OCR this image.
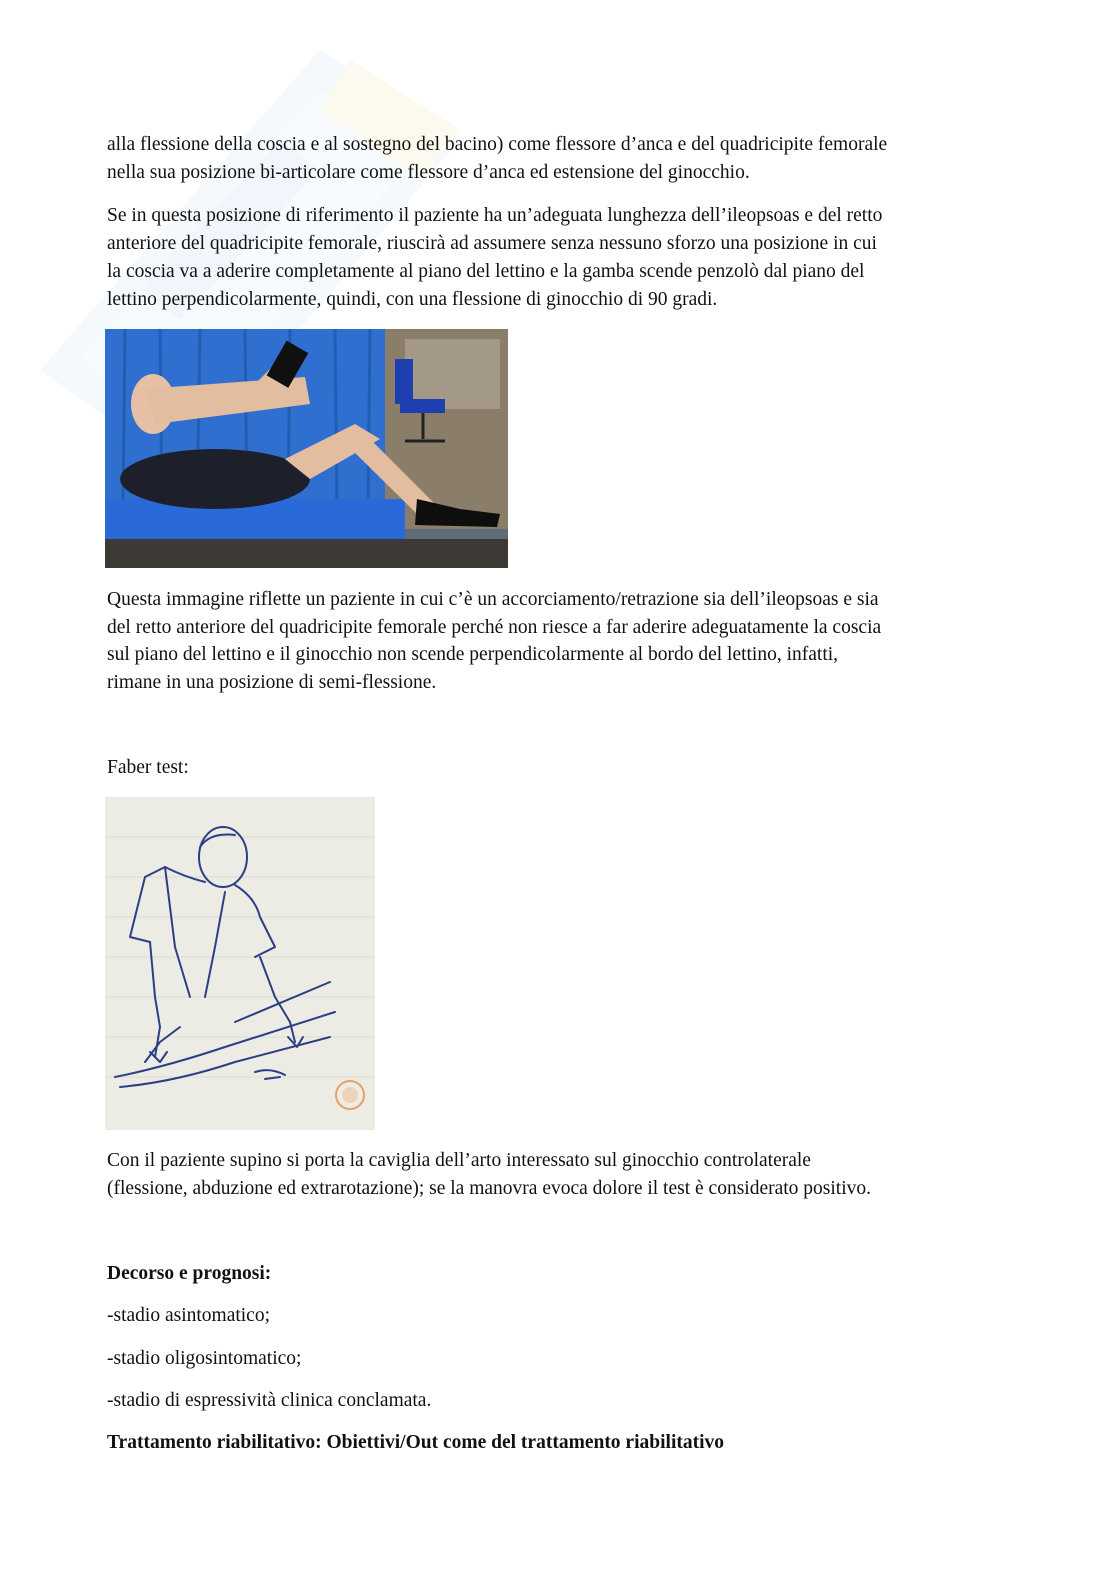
alla flessione della coscia e al sostegno del bacino) come flessore d’anca e del quadricipite femorale

nella sua posizione bi-articolare come flessore d’anca ed estensione del ginocchio.

Se in questa posizione di riferimento il paziente ha un’adeguata lunghezza dell’ileopsoas e del retto

anteriore del quadricipite femorale, riuscirà ad assumere senza nessuno sforzo una posizione in cui

la coscia va a aderire completamente al piano del lettino e la gamba scende penzolò dal piano del

lettino perpendicolarmente, quindi, con una flessione di ginocchio di 90 gradi.

Questa immagine riflette un paziente in cui c’è un accorciamento/retrazione sia dell’ileopsoas e sia

del retto anteriore del quadricipite femorale perché non riesce a far aderire adeguatamente la coscia

sul piano del lettino e il ginocchio non scende perpendicolarmente al bordo del lettino, infatti,

rimane in una posizione di semi-flessione.

Faber test:

Con il paziente supino si porta la caviglia dell’arto interessato sul ginocchio controlaterale

(flessione, abduzione ed extrarotazione); se la manovra evoca dolore il test è considerato positivo.

Decorso e prognosi:

-stadio asintomatico;

-stadio oligosintomatico;

-stadio di espressività clinica conclamata.

Trattamento riabilitativo: Obiettivi/Out come del trattamento riabilitativo
